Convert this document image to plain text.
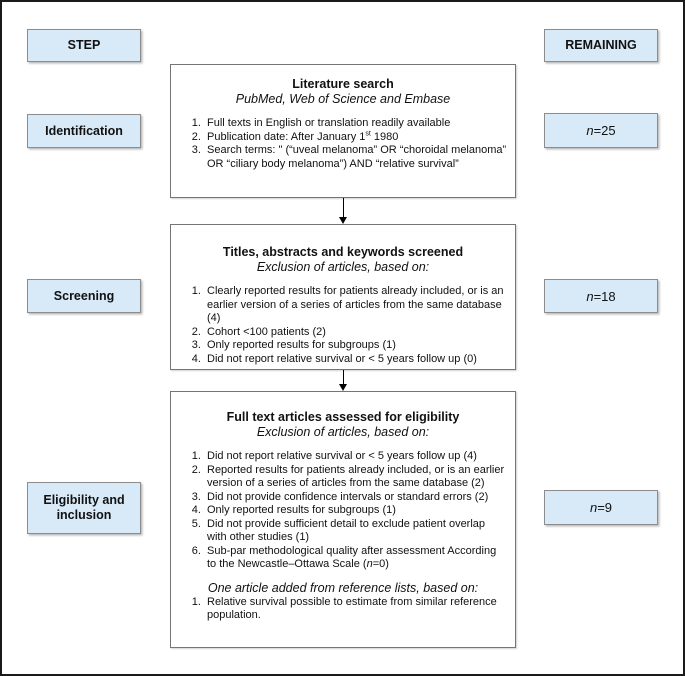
STEP	REMAINING
Identification
Screening
Eligibility and inclusion
n=25
n=18
n=9
Literature search
PubMed, Web of Science and Embase
1. Full texts in English or translation readily available
2. Publication date: After January 1st 1980
3. Search terms: " (“uveal melanoma” OR “choroidal melanoma” OR “ciliary body melanoma”) AND “relative survival”
Titles, abstracts and keywords screened
Exclusion of articles, based on:
1. Clearly reported results for patients already included, or is an earlier version of a series of articles from the same database (4)
2. Cohort <100 patients (2)
3. Only reported results for subgroups (1)
4. Did not report relative survival or < 5 years follow up (0)
Full text articles assessed for eligibility
Exclusion of articles, based on:
1. Did not report relative survival or < 5 years follow up (4)
2. Reported results for patients already included, or is an earlier version of a series of articles from the same database (2)
3. Did not provide confidence intervals or standard errors (2)
4. Only reported results for subgroups (1)
5. Did not provide sufficient detail to exclude patient overlap with other studies (1)
6. Sub-par methodological quality after assessment According to the Newcastle–Ottawa Scale (n=0)
One article added from reference lists, based on:
1. Relative survival possible to estimate from similar reference population.
